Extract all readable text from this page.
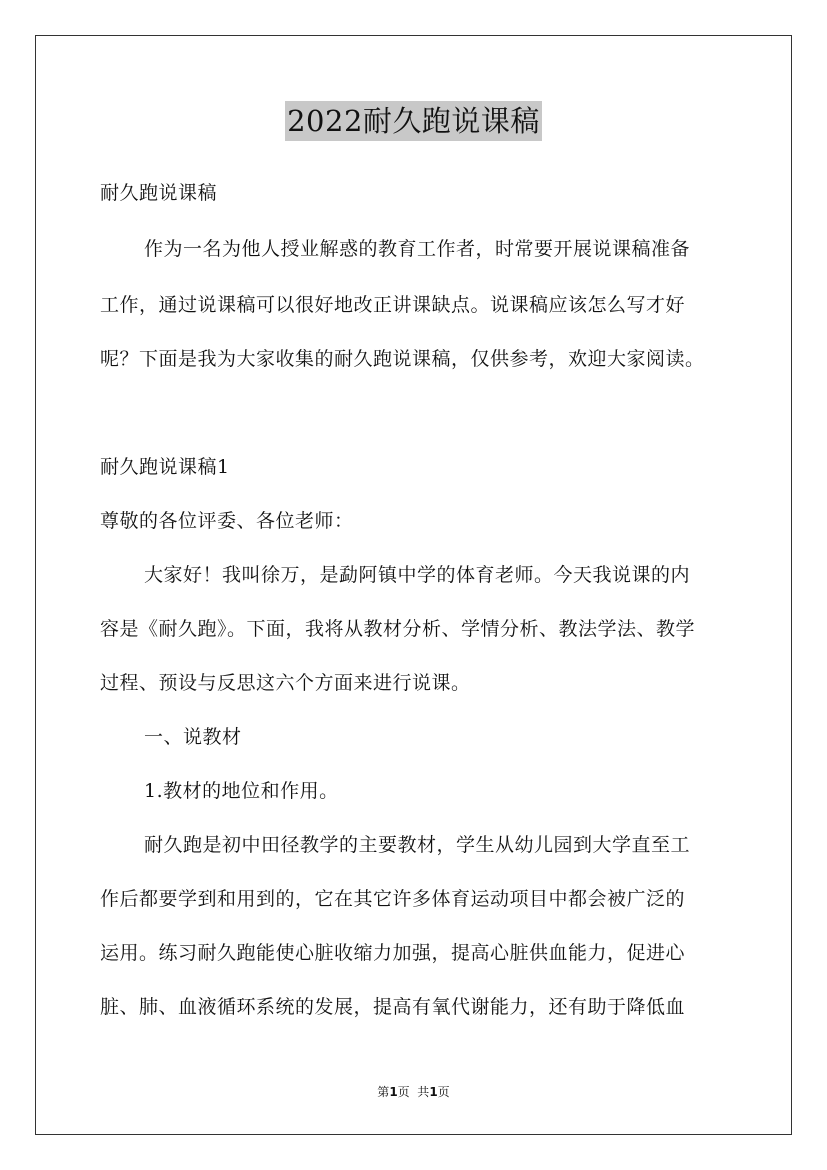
2022耐久跑说课稿

耐久跑说课稿

作为一名为他人授业解惑的教育工作者，时常要开展说课稿准备

工作，通过说课稿可以很好地改正讲课缺点。说课稿应该怎么写才好

呢？下面是我为大家收集的耐久跑说课稿，仅供参考，欢迎大家阅读。

耐久跑说课稿1

尊敬的各位评委、各位老师：

大家好！我叫徐万，是勐阿镇中学的体育老师。今天我说课的内

容是《耐久跑》。下面，我将从教材分析、学情分析、教法学法、教学

过程、预设与反思这六个方面来进行说课。

一、说教材

1.教材的地位和作用。

耐久跑是初中田径教学的主要教材，学生从幼儿园到大学直至工

作后都要学到和用到的，它在其它许多体育运动项目中都会被广泛的

运用。练习耐久跑能使心脏收缩力加强，提高心脏供血能力，促进心

脏、肺、血液循环系统的发展，提高有氧代谢能力，还有助于降低血

第1页  共1页
